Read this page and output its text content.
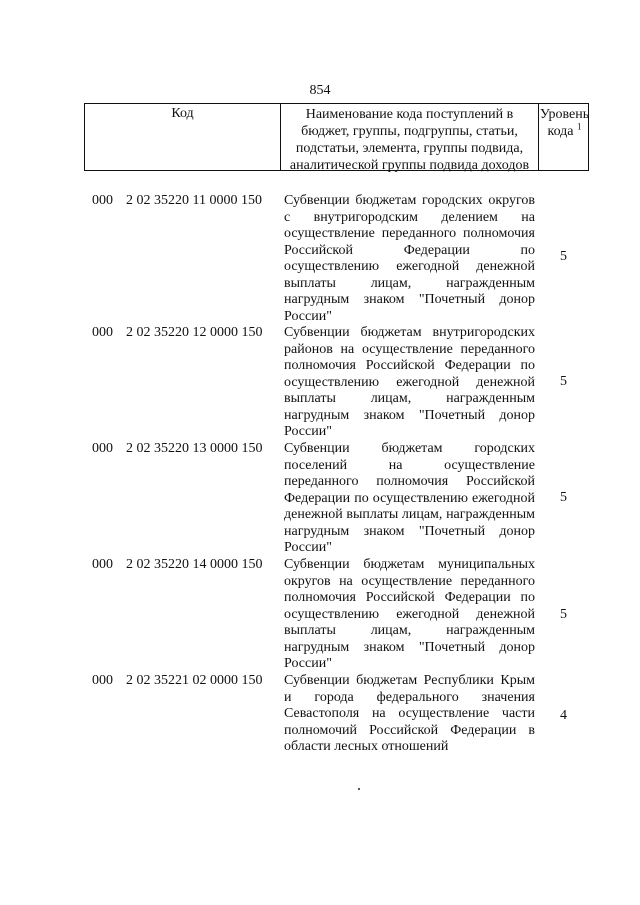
854
Код	Наименование кода поступлений в
бюджет, группы, подгруппы, статьи,
подстатьи, элемента, группы подвида,
аналитической группы подвида доходов
Уровень
кода $^1$
000 2 02 35220 11 0000 150 Субвенции бюджетам городских округов с внутригородским делением на осуществление переданного полномочия Российской Федерации по осуществлению ежегодной денежной выплаты лицам, награжденным нагрудным знаком "Почетный донор России"
5
000 2 02 35220 12 0000 150 Субвенции бюджетам внутригородских районов на осуществление переданного полномочия Российской Федерации по осуществлению ежегодной денежной выплаты лицам, награжденным нагрудным знаком "Почетный донор России"
5
000 2 02 35220 13 0000 150 Субвенции бюджетам городских поселений на осуществление переданного полномочия Российской Федерации по осуществлению ежегодной денежной выплаты лицам, награжденным нагрудным знаком "Почетный донор России"
5
000 2 02 35220 14 0000 150 Субвенции бюджетам муниципальных округов на осуществление переданного полномочия Российской Федерации по осуществлению ежегодной денежной выплаты лицам, награжденным нагрудным знаком "Почетный донор России"
5
000 2 02 35221 02 0000 150 Субвенции бюджетам Республики Крым и города федерального значения Севастополя на осуществление части полномочий Российской Федерации в области лесных отношений
4
